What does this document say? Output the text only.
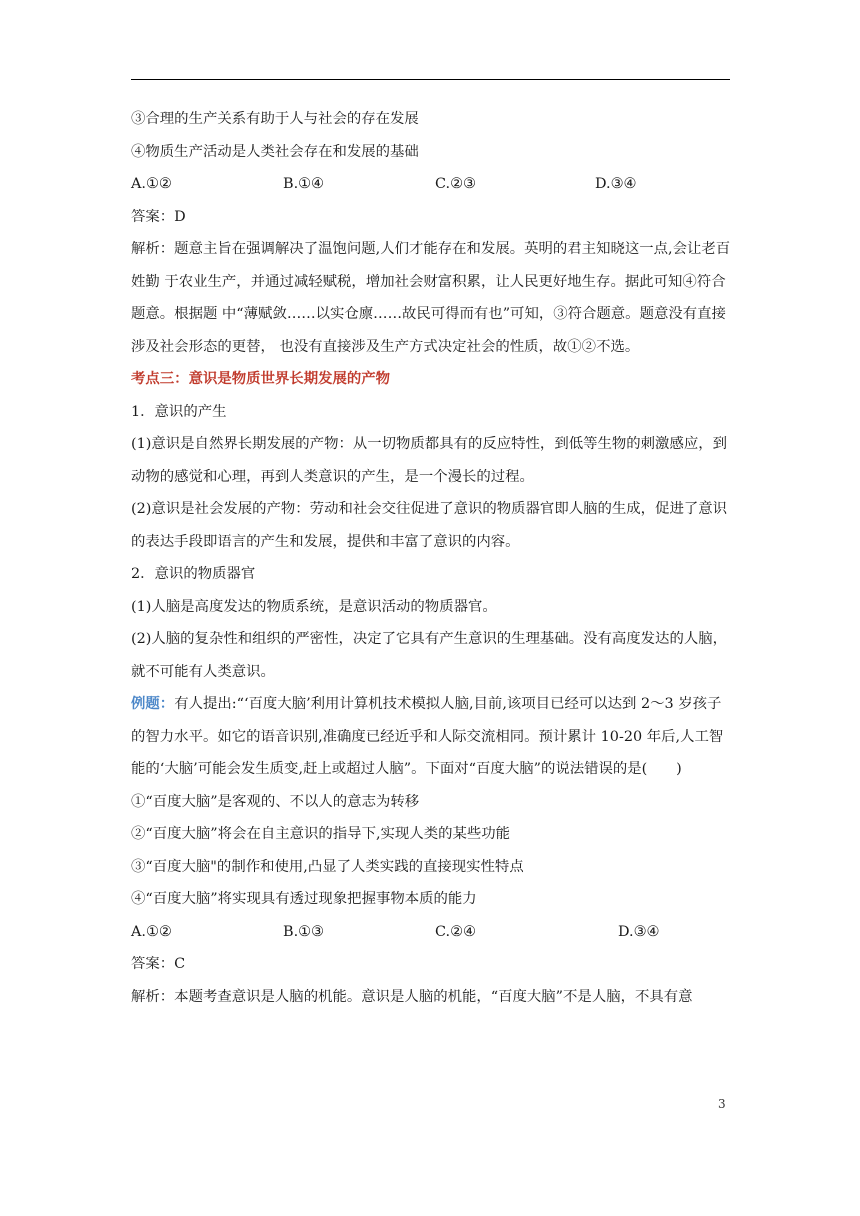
③合理的生产关系有助于人与社会的存在发展
④物质生产活动是人类社会存在和发展的基础
A.①②	B.①④	C.②③	D.③④
答案：D
解析：题意主旨在强调解决了温饱问题,人们才能存在和发展。英明的君主知晓这一点,会让老百姓勤 于农业生产，并通过减轻赋税，增加社会财富积累，让人民更好地生存。据此可知④符合题意。根据题 中“薄赋敛……以实仓廪……故民可得而有也”可知，③符合题意。题意没有直接涉及社会形态的更替， 也没有直接涉及生产方式决定社会的性质，故①②不选。
考点三：意识是物质世界长期发展的产物
1．意识的产生
(1)意识是自然界长期发展的产物：从一切物质都具有的反应特性，到低等生物的刺激感应，到动物的感觉和心理，再到人类意识的产生，是一个漫长的过程。
(2)意识是社会发展的产物：劳动和社会交往促进了意识的物质器官即人脑的生成，促进了意识的表达手段即语言的产生和发展，提供和丰富了意识的内容。
2．意识的物质器官
(1)人脑是高度发达的物质系统，是意识活动的物质器官。
(2)人脑的复杂性和组织的严密性，决定了它具有产生意识的生理基础。没有高度发达的人脑，就不可能有人类意识。
例题：有人提出:“‘百度大脑’利用计算机技术模拟人脑,目前,该项目已经可以达到 2～3 岁孩子的智力水平。如它的语音识别,准确度已经近乎和人际交流相同。预计累计 10-20 年后,人工智能的‘大脑’可能会发生质变,赶上或超过人脑”。下面对“百度大脑”的说法错误的是(　　)
①“百度大脑”是客观的、不以人的意志为转移
②“百度大脑”将会在自主意识的指导下,实现人类的某些功能
③“百度大脑"的制作和使用,凸显了人类实践的直接现实性特点
④“百度大脑”将实现具有透过现象把握事物本质的能力
A.①②	B.①③	C.②④	D.③④
答案：C
解析：本题考查意识是人脑的机能。意识是人脑的机能，“百度大脑”不是人脑，不具有意
3
